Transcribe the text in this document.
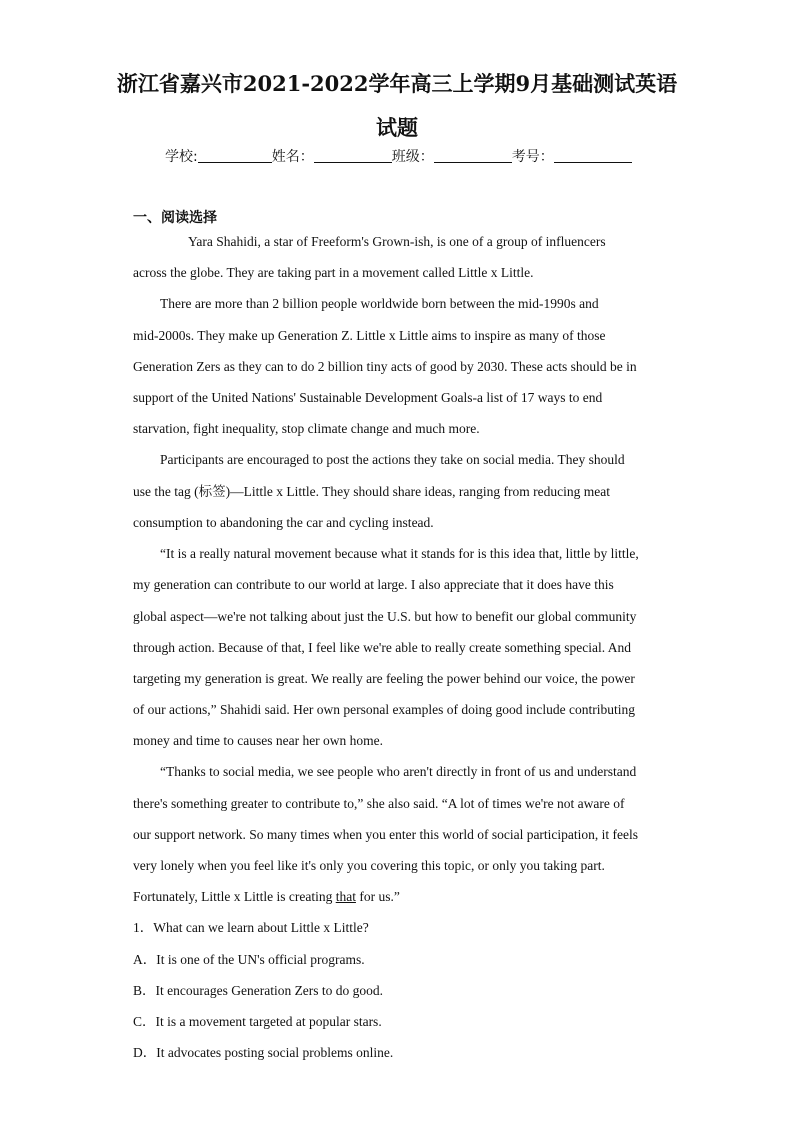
浙江省嘉兴市2021-2022学年高三上学期9月基础测试英语
试题
学校:	姓名：	班级：	考号：
一、阅读选择
Yara Shahidi, a star of Freeform's Grown-ish, is one of a group of influencers
across the globe. They are taking part in a movement called Little x Little.
There are more than 2 billion people worldwide born between the mid-1990s and
mid-2000s. They make up Generation Z. Little x Little aims to inspire as many of those
Generation Zers as they can to do 2 billion tiny acts of good by 2030. These acts should be in
support of the United Nations' Sustainable Development Goals-a list of 17 ways to end
starvation, fight inequality, stop climate change and much more.
Participants are encouraged to post the actions they take on social media. They should
use the tag (标签)—Little x Little. They should share ideas, ranging from reducing meat
consumption to abandoning the car and cycling instead.
“It is a really natural movement because what it stands for is this idea that, little by little,
my generation can contribute to our world at large. I also appreciate that it does have this
global aspect—we're not talking about just the U.S. but how to benefit our global community
through action. Because of that, I feel like we're able to really create something special. And
targeting my generation is great. We really are feeling the power behind our voice, the power
of our actions,” Shahidi said. Her own personal examples of doing good include contributing
money and time to causes near her own home.
“Thanks to social media, we see people who aren't directly in front of us and understand
there's something greater to contribute to,” she also said. “A lot of times we're not aware of
our support network. So many times when you enter this world of social participation, it feels
very lonely when you feel like it's only you covering this topic, or only you taking part.
Fortunately, Little x Little is creating that for us.”
1．What can we learn about Little x Little?
A．It is one of the UN's official programs.
B．It encourages Generation Zers to do good.
C．It is a movement targeted at popular stars.
D．It advocates posting social problems online.
